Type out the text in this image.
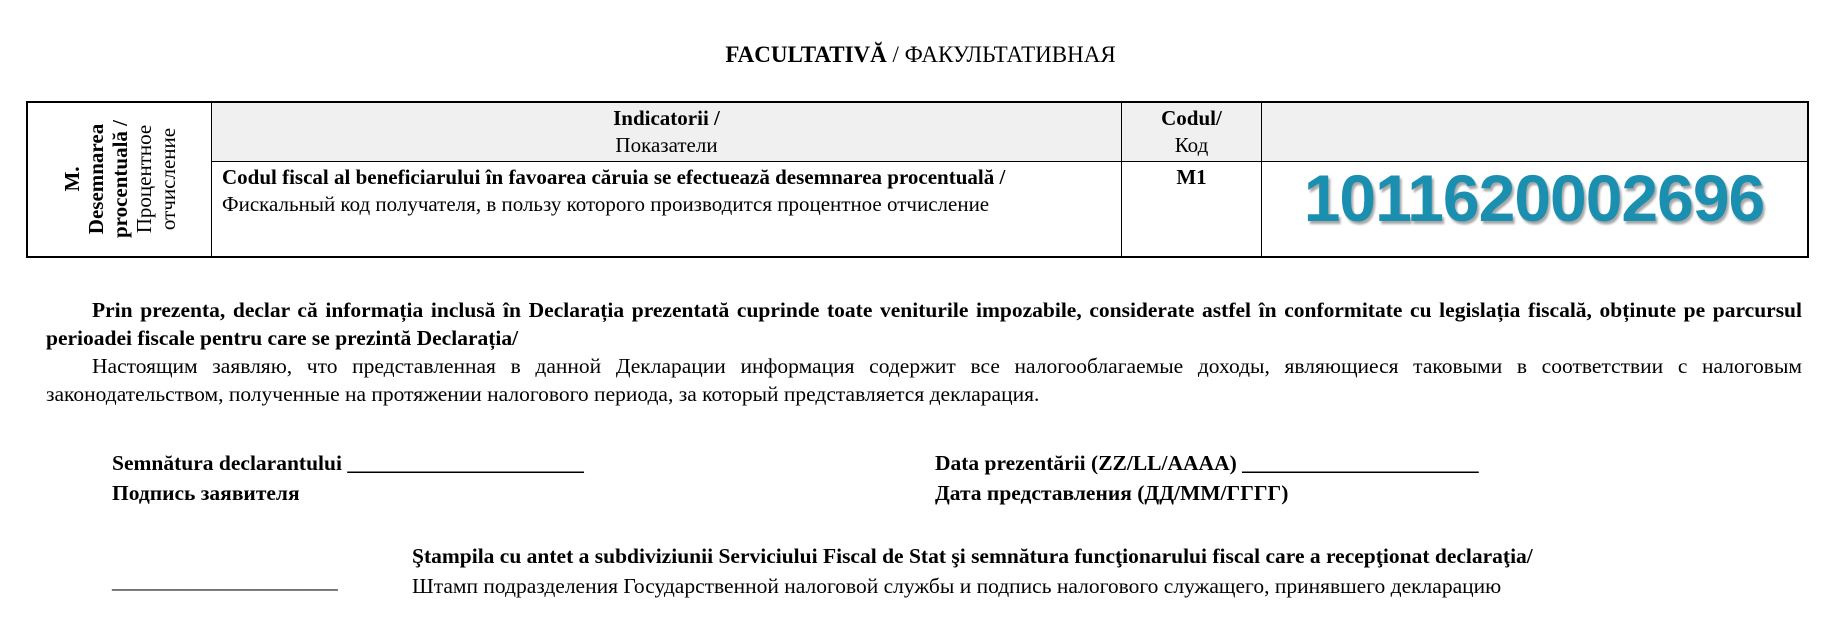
FACULTATIVĂ / ФАКУЛЬТАТИВНАЯ
M. Desemnarea procentuală / Процентное отчисление
Indicatorii /
Показатели
Codul/
Код
Codul fiscal al beneficiarului în favoarea căruia se efectuează desemnarea procentuală / Фискальный код получателя, в пользу которого производится процентное отчисление
M1	1011620002696

Prin prezenta, declar că informația inclusă în Declarația prezentată cuprinde toate veniturile impozabile, considerate astfel în conformitate cu legislația fiscală, obținute pe parcursul perioadei fiscale pentru care se prezintă Declarația/

Настоящим заявляю, что представленная в данной Декларации информация содержит все налогооблагаемые доходы, являющиеся таковыми в соответствии с налоговым законодательством, полученные на протяжении налогового периода, за который представляется декларация.

Semnătura declarantului ______________________
Подпись заявителя
Data prezentării (ZZ/LL/AAAA) ______________________
Дата представления (ДД/ММ/ГГГГ)
_____________________
Ştampila cu antet a subdiviziunii Serviciului Fiscal de Stat şi semnătura funcţionarului fiscal care a recepţionat declaraţia/
Штамп подразделения Государственной налоговой службы и подпись налогового служащего, принявшего декларацию
